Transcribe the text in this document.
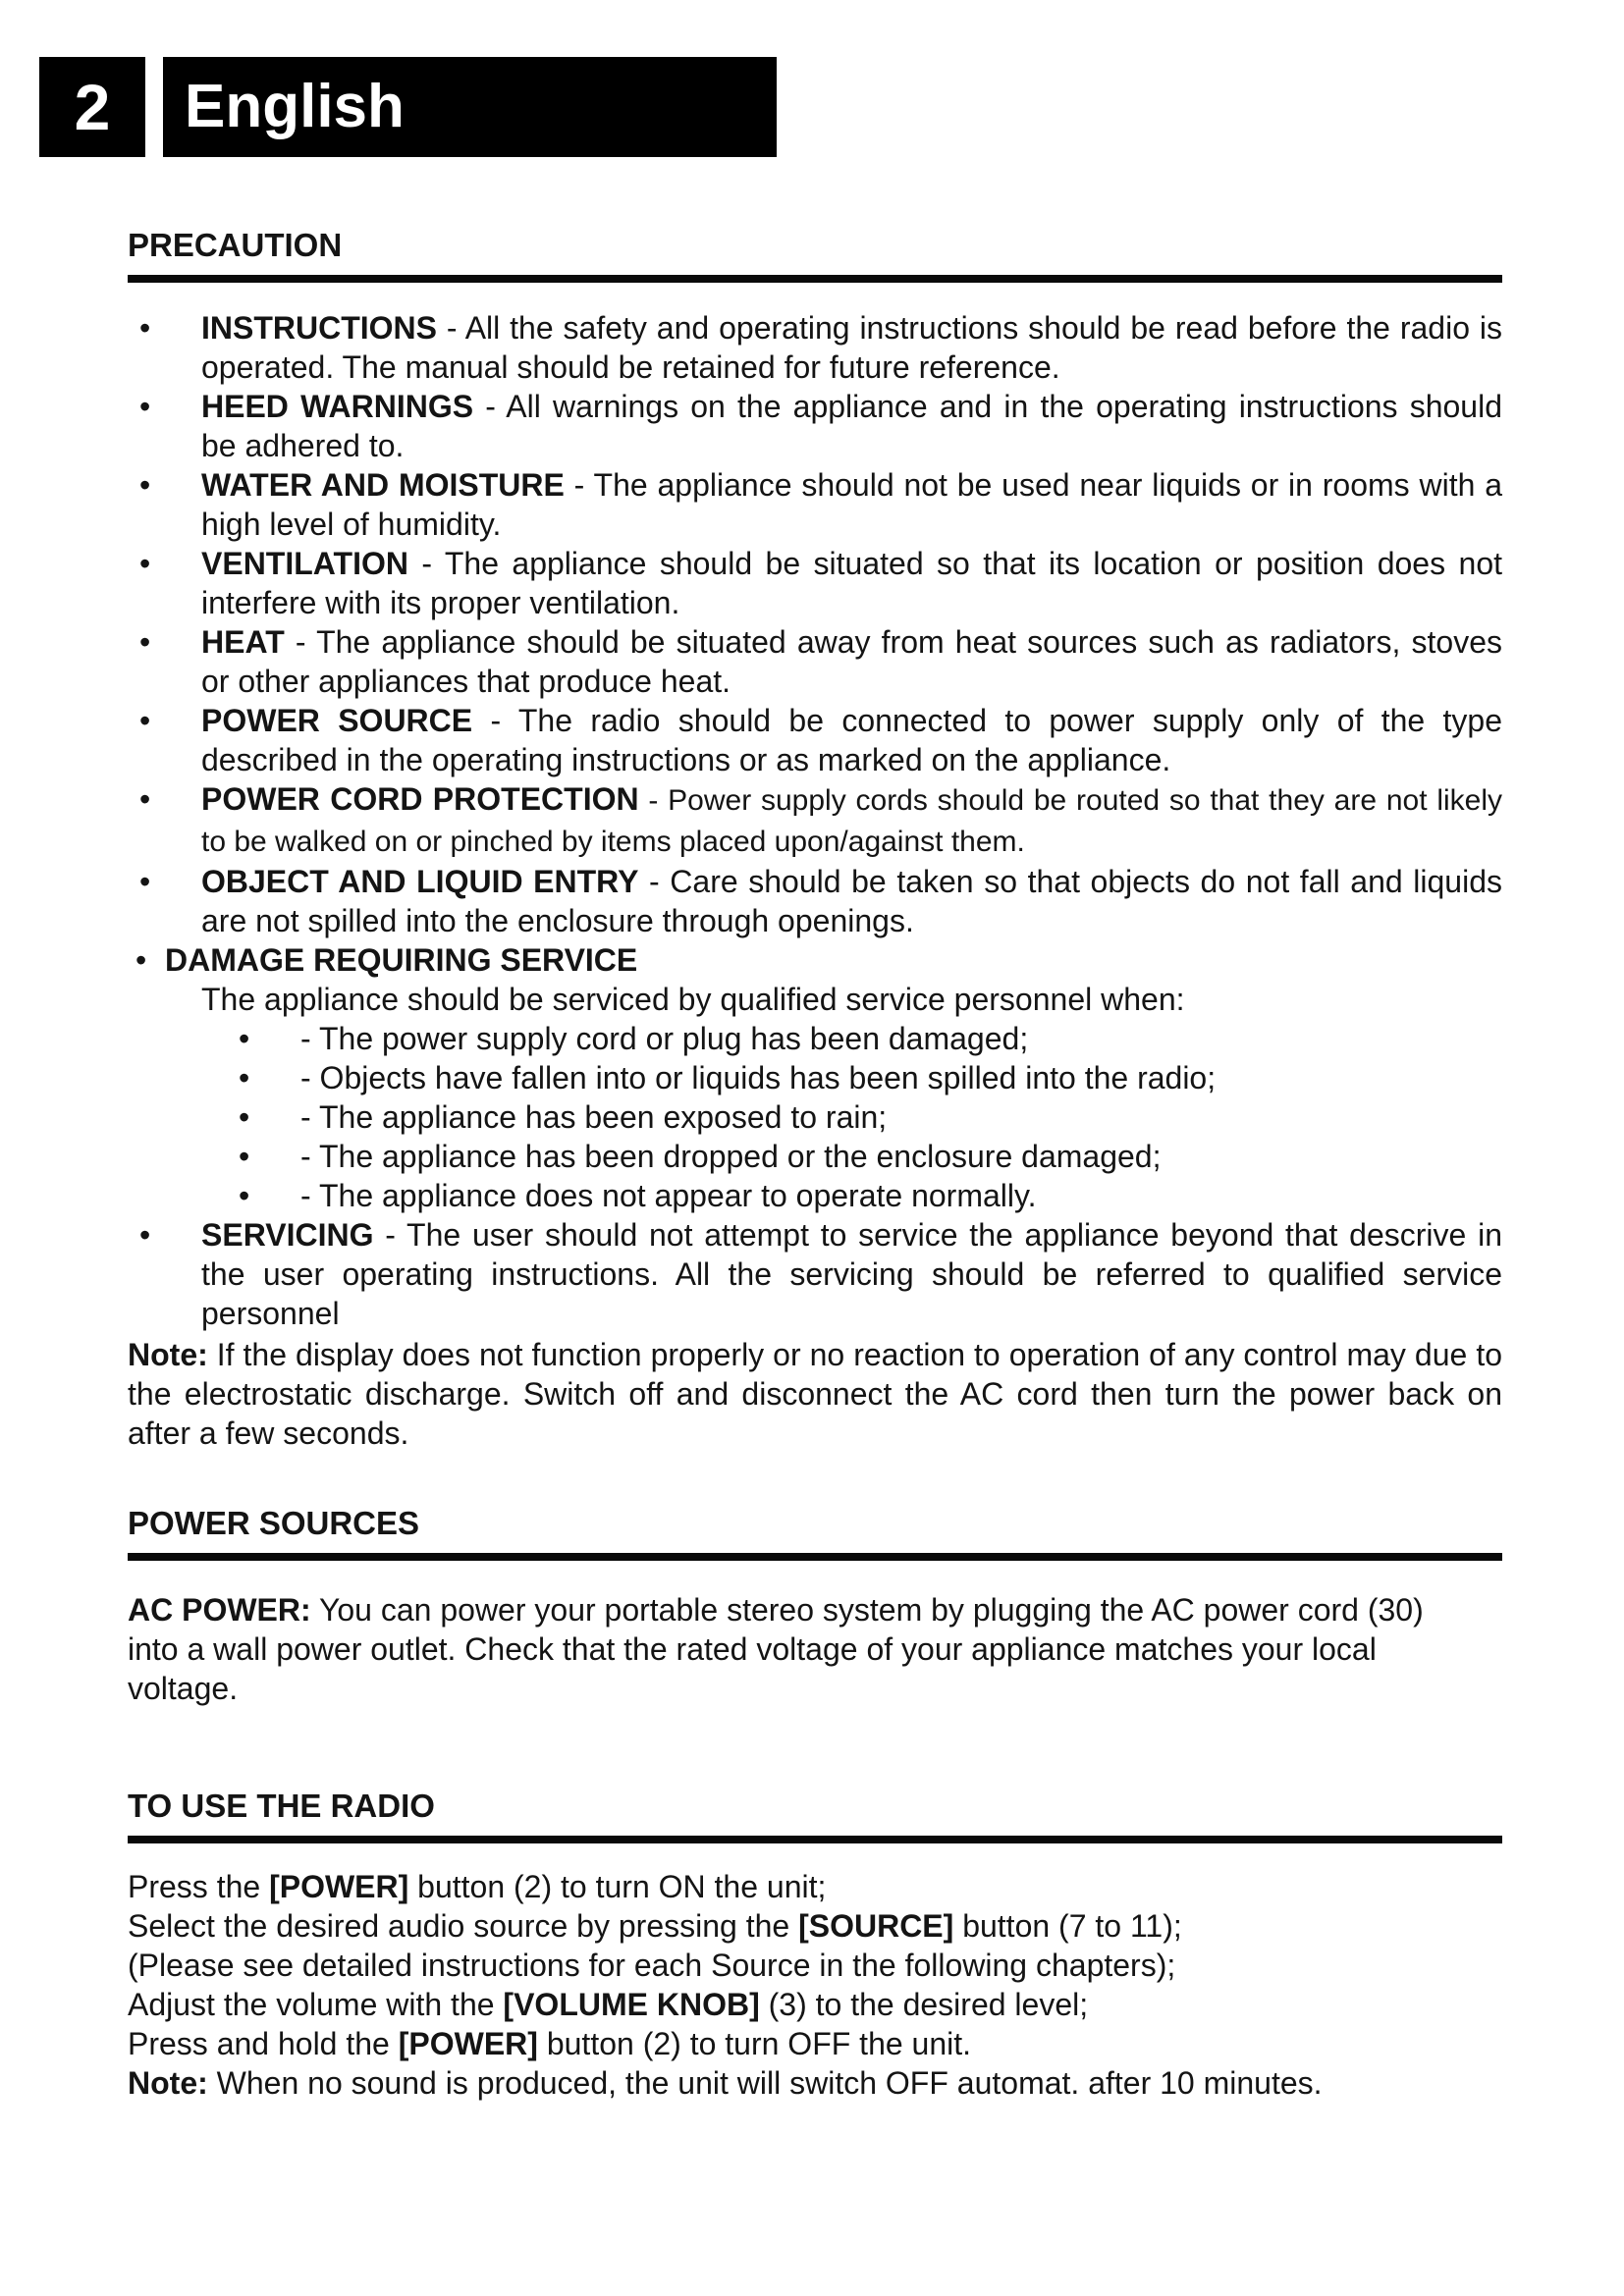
2 English
PRECAUTION
• INSTRUCTIONS - All the safety and operating instructions should be read before the radio is operated. The manual should be retained for future reference.
• HEED WARNINGS - All warnings on the appliance and in the operating instructions should be adhered to.
• WATER AND MOISTURE - The appliance should not be used near liquids or in rooms with a high level of humidity.
• VENTILATION - The appliance should be situated so that its location or position does not interfere with its proper ventilation.
• HEAT - The appliance should be situated away from heat sources such as radiators, stoves or other appliances that produce heat.
• POWER SOURCE - The radio should be connected to power supply only of the type described in the operating instructions or as marked on the appliance.
• POWER CORD PROTECTION - Power supply cords should be routed so that they are not likely to be walked on or pinched by items placed upon/against them.
• OBJECT AND LIQUID ENTRY - Care should be taken so that objects do not fall and liquids are not spilled into the enclosure through openings.
• DAMAGE REQUIRING SERVICE
The appliance should be serviced by qualified service personnel when:
• - The power supply cord or plug has been damaged;
• - Objects have fallen into or liquids has been spilled into the radio;
• - The appliance has been exposed to rain;
• - The appliance has been dropped or the enclosure damaged;
• - The appliance does not appear to operate normally.
• SERVICING - The user should not attempt to service the appliance beyond that descrive in the user operating instructions. All the servicing should be referred to qualified service personnel

Note: If the display does not function properly or no reaction to operation of any control may due to the electrostatic discharge. Switch off and disconnect the AC cord then turn the power back on after a few seconds.

POWER SOURCES

AC POWER: You can power your portable stereo system by plugging the AC power cord (30) into a wall power outlet. Check that the rated voltage of your appliance matches your local voltage.

TO USE THE RADIO
Press the [POWER] button (2) to turn ON the unit;
Select the desired audio source by pressing the [SOURCE] button (7 to 11);
(Please see detailed instructions for each Source in the following chapters);
Adjust the volume with the [VOLUME KNOB] (3) to the desired level;
Press and hold the [POWER] button (2) to turn OFF the unit.
Note: When no sound is produced, the unit will switch OFF automat. after 10 minutes.
